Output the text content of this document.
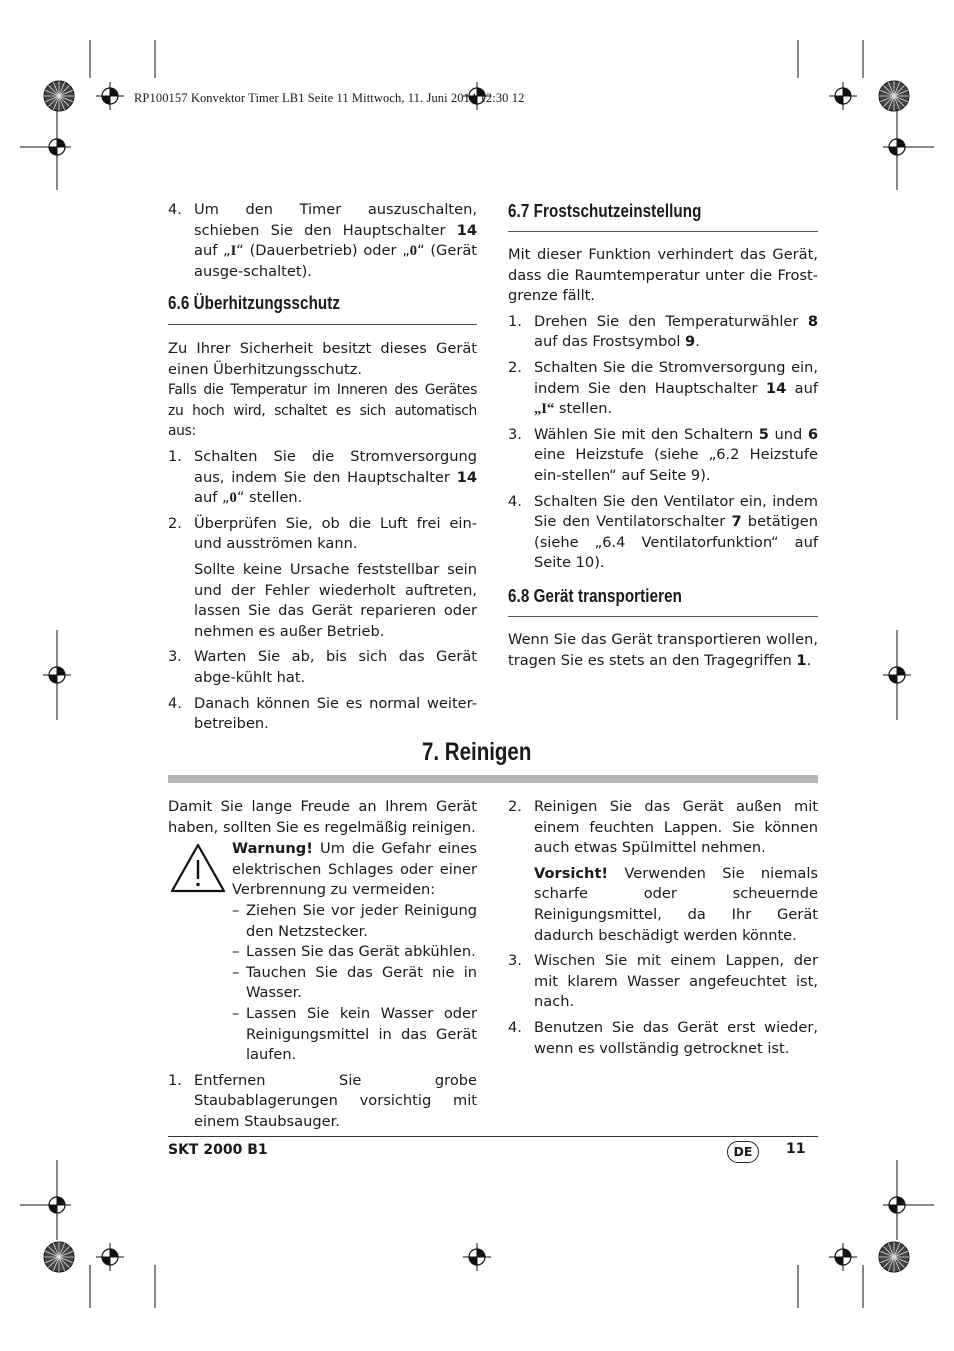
RP100157 Konvektor Timer LB1 Seite 11 Mittwoch, 11. Juni 2014 12:30 12
4. Um den Timer auszuschalten, schieben Sie den Hauptschalter 14 auf „I“ (Dauerbetrieb) oder „0“ (Gerät ausge-schaltet).
6.6 Überhitzungsschutz

Zu Ihrer Sicherheit besitzt dieses Gerät einen Überhitzungsschutz.

Falls die Temperatur im Inneren des Gerätes zu hoch wird, schaltet es sich automatisch aus:

1. Schalten Sie die Stromversorgung aus, indem Sie den Hauptschalter 14 auf „0“ stellen.
2. Überprüfen Sie, ob die Luft frei ein- und ausströmen kann.
Sollte keine Ursache feststellbar sein und der Fehler wiederholt auftreten, lassen Sie das Gerät reparieren oder nehmen es außer Betrieb.
3. Warten Sie ab, bis sich das Gerät abge-kühlt hat.
4. Danach können Sie es normal weiter-betreiben.
6.7 Frostschutzeinstellung

Mit dieser Funktion verhindert das Gerät, dass die Raumtemperatur unter die Frost-grenze fällt.

1. Drehen Sie den Temperaturwähler 8 auf das Frostsymbol 9.
2. Schalten Sie die Stromversorgung ein, indem Sie den Hauptschalter 14 auf „I“ stellen.
3. Wählen Sie mit den Schaltern 5 und 6 eine Heizstufe (siehe „6.2 Heizstufe ein-stellen“ auf Seite 9).
4. Schalten Sie den Ventilator ein, indem Sie den Ventilatorschalter 7 betätigen (siehe „6.4 Ventilatorfunktion“ auf Seite 10).
6.8 Gerät transportieren

Wenn Sie das Gerät transportieren wollen, tragen Sie es stets an den Tragegriffen 1.

7. Reinigen

Damit Sie lange Freude an Ihrem Gerät haben, sollten Sie es regelmäßig reinigen.

Warnung! Um die Gefahr eines elektrischen Schlages oder einer Verbrennung zu vermeiden:

– Ziehen Sie vor jeder Reinigung den Netzstecker.
– Lassen Sie das Gerät abkühlen.
– Tauchen Sie das Gerät nie in Wasser.
– Lassen Sie kein Wasser oder Reinigungsmittel in das Gerät laufen.
1. Entfernen Sie grobe Staubablagerungen vorsichtig mit einem Staubsauger.
2. Reinigen Sie das Gerät außen mit einem feuchten Lappen. Sie können auch etwas Spülmittel nehmen.
Vorsicht! Verwenden Sie niemals scharfe oder scheuernde Reinigungsmittel, da Ihr Gerät dadurch beschädigt werden könnte.
3. Wischen Sie mit einem Lappen, der mit klarem Wasser angefeuchtet ist, nach.
4. Benutzen Sie das Gerät erst wieder, wenn es vollständig getrocknet ist.
SKT 2000 B1	DE	11
